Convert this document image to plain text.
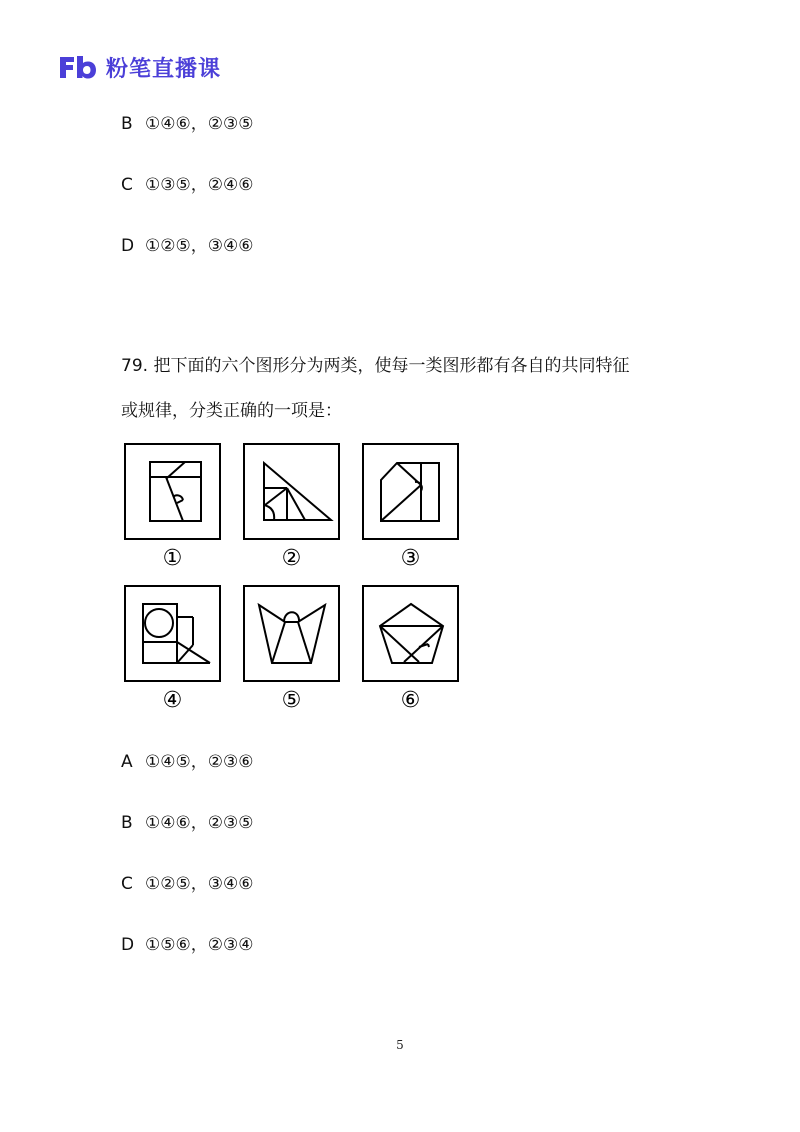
粉笔直播课
B ①④⑥，②③⑤
C ①③⑤，②④⑥
D ①②⑤，③④⑥
79. 把下面的六个图形分为两类，使每一类图形都有各自的共同特征
或规律，分类正确的一项是：
①	②	③
④	⑤	⑥
A ①④⑤，②③⑥
B ①④⑥，②③⑤
C ①②⑤，③④⑥
D ①⑤⑥，②③④
5
